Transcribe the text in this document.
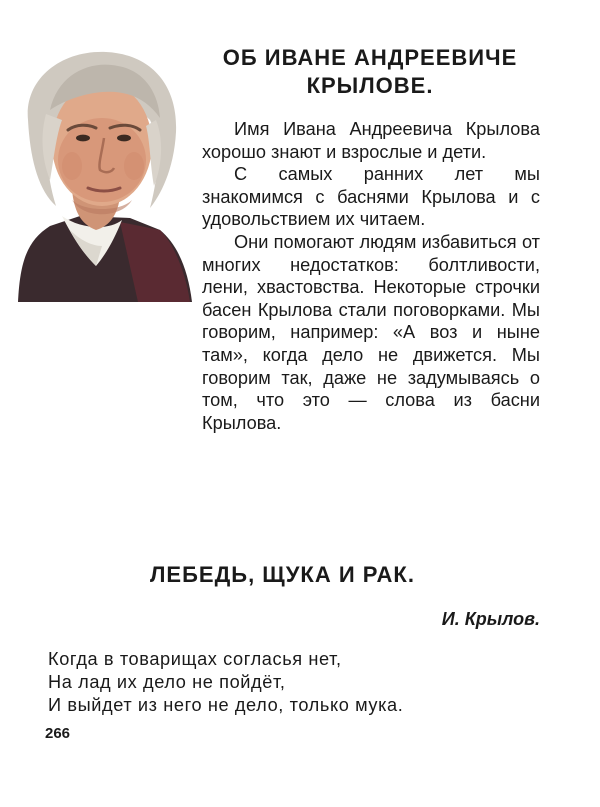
ОБ ИВАНЕ АНДРЕЕВИЧЕ КРЫЛОВЕ.

Имя Ивана Андреевича Крылова хорошо знают и взрослые и дети.

С самых ранних лет мы знакомимся с баснями Крылова и с удовольствием их читаем.

Они помогают людям избавиться от многих недостатков: болтливости, лени, хвастовства. Некоторые строчки басен Крылова стали поговорками. Мы говорим, например: «А воз и ныне там», когда дело не движется. Мы говорим так, даже не задумываясь о том, что это — слова из басни Крылова.

ЛЕБЕДЬ, ЩУКА И РАК.
И. Крылов.
Когда в товарищах согласья нет,
На лад их дело не пойдёт,
И выйдет из него не дело, только мука.
266
